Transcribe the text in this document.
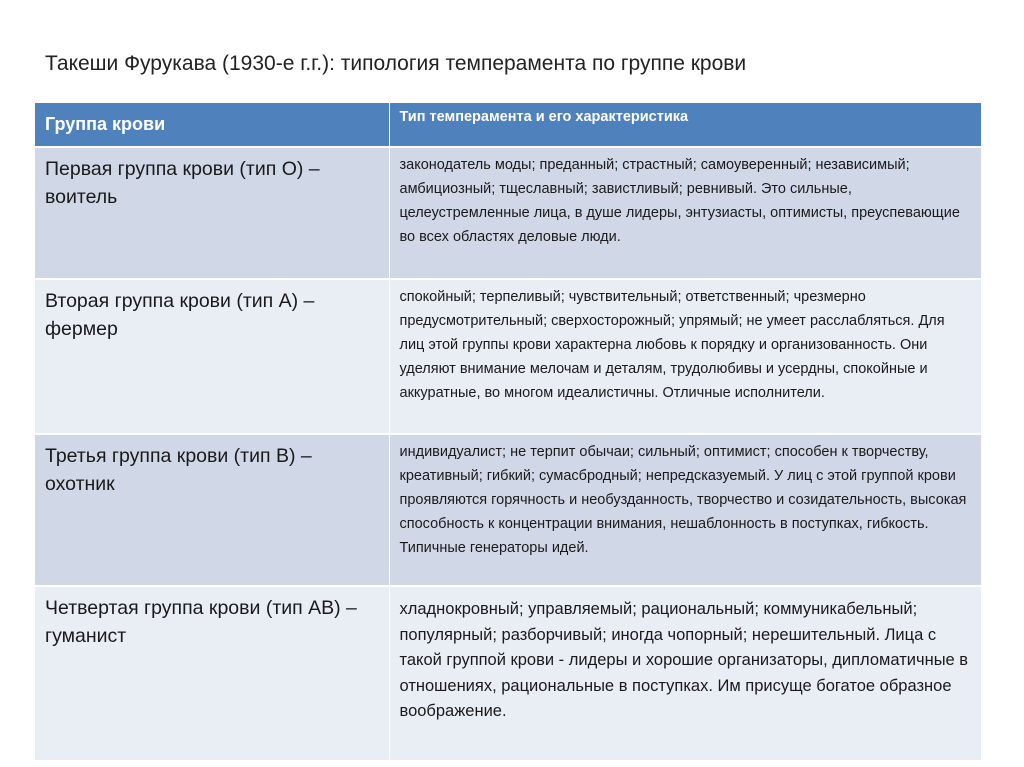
Такеши Фурукава (1930-е г.г.): типология темперамента по группе крови
Группа крови	Тип темперамента и его характеристика
Первая группа крови (тип О) – воитель	законодатель моды; преданный; страстный; самоуверенный; независимый; амбициозный; тщеславный; завистливый; ревнивый. Это сильные, целеустремленные лица, в душе лидеры, энтузиасты, оптимисты, преуспевающие во всех областях деловые люди.
Вторая группа крови (тип А) – фермер	спокойный; терпеливый; чувствительный; ответственный; чрезмерно предусмотрительный; сверхосторожный; упрямый; не умеет расслабляться. Для лиц этой группы крови характерна любовь к порядку и организованность. Они уделяют внимание мелочам и деталям, трудолюбивы и усердны, спокойные и аккуратные, во многом идеалистичны. Отличные исполнители.
Третья группа крови (тип В) – охотник	индивидуалист; не терпит обычаи; сильный; оптимист; способен к творчеству, креативный; гибкий; сумасбродный; непредсказуемый. У лиц с этой группой крови проявляются горячность и необузданность, творчество и созидательность, высокая способность к концентрации внимания, нешаблонность в поступках, гибкость. Типичные генераторы идей.
Четвертая группа крови (тип АВ) – гуманист	хладнокровный; управляемый; рациональный; коммуникабельный; популярный; разборчивый; иногда чопорный; нерешительный. Лица с такой группой крови - лидеры и хорошие организаторы, дипломатичные в отношениях, рациональные в поступках. Им присуще богатое образное воображение.
